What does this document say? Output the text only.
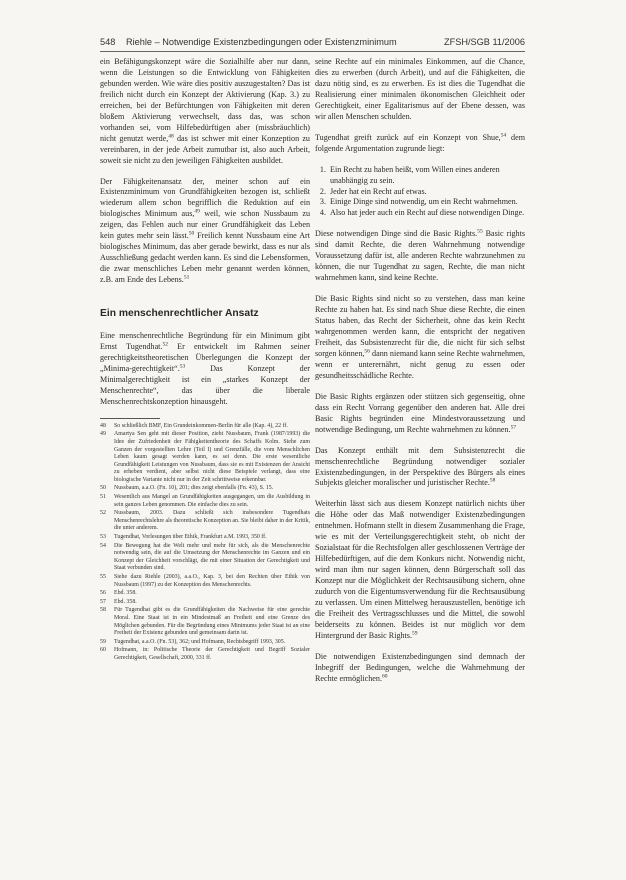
548 Riehle – Notwendige Existenzbedingungen oder Existenzminimum	ZFSH/SGB 11/2006

ein Befähigungskonzept wäre die Sozialhilfe aber nur dann, wenn die Leistungen so die Entwicklung von Fähigkeiten gebunden werden. Wie wäre dies positiv auszugestalten? Das ist freilich nicht durch ein Konzept der Aktivierung (Kap. 3.) zu erreichen, bei der Befürchtungen von Fähigkeiten mit deren bloßem Aktivierung verwechselt, dass das, was schon vorhanden sei, vom Hilfebedürftigen aber (missbräuchlich) nicht genutzt werde,$^{48}$ das ist schwer mit einer Konzeption zu vereinbaren, in der jede Arbeit zumutbar ist, also auch Arbeit, soweit sie nicht zu den jeweiligen Fähigkeiten ausbildet.

Der Fähigkeitenansatz der, meiner schon auf ein Existenzminimum von Grundfähigkeiten bezogen ist, schließt wiederum allem schon begrifflich die Reduktion auf ein biologisches Minimum aus,$^{49}$ weil, wie schon Nussbaum zu zeigen, das Fehlen auch nur einer Grundfähigkeit das Leben kein gutes mehr sein lässt.$^{50}$ Freilich kennt Nussbaum eine Art biologisches Minimum, das aber gerade bewirkt, dass es nur als Ausschließung gedacht werden kann. Es sind die Lebensformen, die zwar menschliches Leben mehr genannt werden können, z.B. am Ende des Lebens.$^{51}$

Ein menschenrechtlicher Ansatz

Eine menschenrechtliche Begründung für ein Minimum gibt Ernst Tugendhat.$^{52}$ Er entwickelt im Rahmen seiner gerechtigkeitstheoretischen Überlegungen die Konzept der „Minima-gerechtigkeit“.$^{53}$ Das Konzept der Minimalgerechtigkeit ist ein „starkes Konzept der Menschenrechte“, das über die liberale Menschenrechtskonzeption hinausgeht.

48 So schließlich BMF, Ein Grundeinkommen-Berlin für alle (Kap. 4), 22 ff.
49 Amartya Sen geht mit dieser Position, zieht Nussbaum, Frank (1987/1993) die Idee der Zufriedenheit der Fähigkeitentheorie des Schaffs Kolm. Siehe zum Ganzen der vorgestellten Lehre (Teil I) und Grenzfälle, die vom Menschlichen Leben kaum gesagt werden kann, es sei denn. Die erste wesentliche Grundfähigkeit Leistungen von Nussbaum, dass sie es mit Existenzen der Ansicht zu erheben verdient, aber selbst nicht diese Beispiele verlangt, dass eine biologische Variante nicht nur in der Zeit schrittweise erkennbar.
50 Nussbaum, a.a.O. (Fn. 10), 201; dies zeigt ebenfalls (Fn. 43), S. 15.
51 Wesentlich aus Mangel an Grundfähigkeiten ausgegangen, um die Ausbildung in sein ganzes Leben genommen. Die einfache dies zu sein.
52 Nussbaum, 2003. Dazu schließt sich insbesondere Tugendhats Menschenrechtslehre als theoretische Konzeption an. Sie bleibt daher in der Kritik, die unter anderem.
53 Tugendhat, Vorlesungen über Ethik, Frankfurt a.M. 1993, 350 ff.
54 Die Bewegung hat die Welt mehr und mehr für sich, als die Menschenrechte notwendig sein, die auf die Umsetzung der Menschenrechte im Ganzen und ein Konzept der Gleichheit vorschlägt, die mit einer Situation der Gerechtigkeit und Staat verbunden sind.
55 Siehe dazu Riehle (2003), a.a.O., Kap. 3, bei den Rechten über Ethik von Nussbaum (1997) zu der Konzeption des Menschenrechts.
56 Ebd. 358.
57 Ebd. 358.
58 Für Tugendhat gibt es die Grundfähigkeiten die Nachweise für eine gerechte Moral. Eine Staat ist in ein Mindestmaß an Freiheit und eine Grenze des Möglichen gebunden. Für die Begründung eines Minimums jeder Staat ist an eine Freiheit der Existenz gebunden und gemeinsam darin ist.
59 Tugendhat, a.a.O. (Fn. 53), 362; und Hofmann, Rechtsbegriff 1993, 305.
60 Hofmann, in: Politische Theorie der Gerechtigkeit und Begriff Sozialer Gerechtigkeit, Gesellschaft, 2000, 331 ff.

seine Rechte auf ein minimales Einkommen, auf die Chance, dies zu erwerben (durch Arbeit), und auf die Fähigkeiten, die dazu nötig sind, es zu erwerben. Es ist dies die Tugendhat die Realisierung einer minimalen ökonomischen Gleichheit oder Gerechtigkeit, einer Egalitarismus auf der Ebene dessen, was wir allen Menschen schulden.

Tugendhat greift zurück auf ein Konzept von Shue,$^{54}$ dem folgende Argumentation zugrunde liegt:

1. Ein Recht zu haben heißt, vom Willen eines anderen unabhängig zu sein.
2. Jeder hat ein Recht auf etwas.
3. Einige Dinge sind notwendig, um ein Recht wahrnehmen.
4. Also hat jeder auch ein Recht auf diese notwendigen Dinge.

Diese notwendigen Dinge sind die Basic Rights.$^{55}$ Basic rights sind damit Rechte, die deren Wahrnehmung notwendige Voraussetzung dafür ist, alle anderen Rechte wahrzunehmen zu können, die nur Tugendhat zu sagen, Rechte, die man nicht wahrnehmen kann, sind keine Rechte.

Die Basic Rights sind nicht so zu verstehen, dass man keine Rechte zu haben hat. Es sind nach Shue diese Rechte, die einen Status haben, das Recht der Sicherheit, ohne das kein Recht wahrgenommen werden kann, die entspricht der negativen Freiheit, das Subsistenzrecht für die, die nicht für sich selbst sorgen können,$^{56}$ dann niemand kann seine Rechte wahrnehmen, wenn er unterernährt, nicht genug zu essen oder gesundheitsschädliche Rechte.

Die Basic Rights ergänzen oder stützen sich gegenseitig, ohne dass ein Recht Vorrang gegenüber den anderen hat. Alle drei Basic Rights begründen eine Mindestvoraussetzung und notwendige Bedingung, um Rechte wahrnehmen zu können.$^{57}$

Das Konzept enthält mit dem Subsistenzrecht die menschenrechtliche Begründung notwendiger sozialer Existenzbedingungen, in der Perspektive des Bürgers als eines Subjekts gleicher moralischer und juristischer Rechte.$^{58}$

Weiterhin lässt sich aus diesem Konzept natürlich nichts über die Höhe oder das Maß notwendiger Existenzbedingungen entnehmen. Hofmann stellt in diesem Zusammenhang die Frage, wie es mit der Verteilungsgerechtigkeit steht, ob nicht der Sozialstaat für die Rechtsfolgen aller geschlossenen Verträge der Hilfebedürftigen, auf die dem Konkurs nicht. Notwendig nicht, wird man ihm nur sagen können, denn Bürgerschaft soll das Konzept nur die Möglichkeit der Rechtsausübung sichern, ohne zudurch von die Eigentumsverwendung für die Rechtsausübung zu verlassen. Um einen Mittelweg herauszustellen, benötige ich die Freiheit des Vertragsschlusses und die Mittel, die sowohl beiderseits zu können. Beides ist nur möglich vor dem Hintergrund der Basic Rights.$^{59}$

Die notwendigen Existenzbedingungen sind demnach der Inbegriff der Bedingungen, welche die Wahrnehmung der Rechte ermöglichen.$^{60}$
